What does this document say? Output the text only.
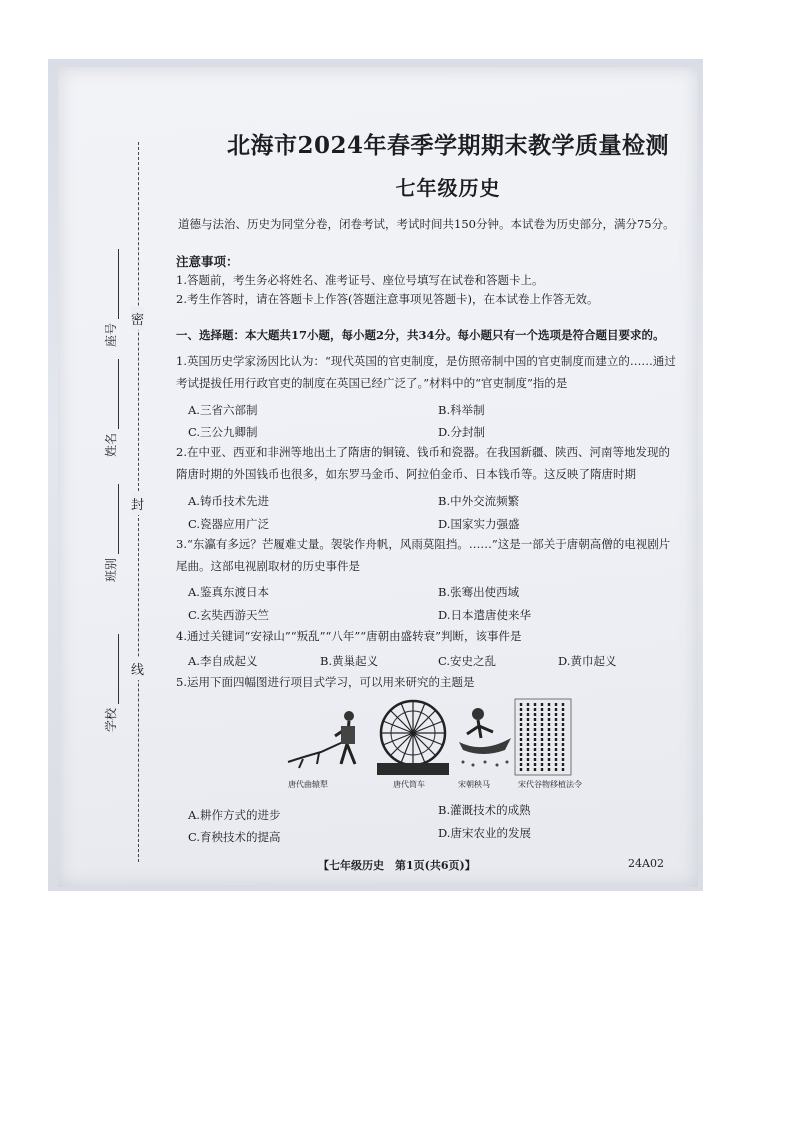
密
封
线
学校
班别
姓名
座号
北海市2024年春季学期期末教学质量检测
七年级历史
道德与法治、历史为同堂分卷，闭卷考试，考试时间共150分钟。本试卷为历史部分，满分75分。
注意事项：
1.答题前，考生务必将姓名、准考证号、座位号填写在试卷和答题卡上。
2.考生作答时，请在答题卡上作答(答题注意事项见答题卡)，在本试卷上作答无效。
一、选择题：本大题共17小题，每小题2分，共34分。每小题只有一个选项是符合题目要求的。
1.英国历史学家汤因比认为：“现代英国的官吏制度，是仿照帝制中国的官吏制度而建立的……通过考试提拔任用行政官吏的制度在英国已经广泛了。”材料中的“官吏制度”指的是
A.三省六部制	B.科举制
C.三公九卿制	D.分封制
2.在中亚、西亚和非洲等地出土了隋唐的铜镜、钱币和瓷器。在我国新疆、陕西、河南等地发现的隋唐时期的外国钱币也很多，如东罗马金币、阿拉伯金币、日本钱币等。这反映了隋唐时期
A.铸币技术先进	B.中外交流频繁
C.瓷器应用广泛	D.国家实力强盛
3.“东瀛有多远？芒履难丈量。袈裟作舟帆，风雨莫阻挡。……”这是一部关于唐朝高僧的电视剧片尾曲。这部电视剧取材的历史事件是
A.鉴真东渡日本	B.张骞出使西域
C.玄奘西游天竺	D.日本遣唐使来华
4.通过关键词“安禄山”“叛乱”“八年”“唐朝由盛转衰”判断，该事件是
A.李自成起义	B.黄巢起义	C.安史之乱	D.黄巾起义
5.运用下面四幅图进行项目式学习，可以用来研究的主题是
唐代曲辕犁	唐代筒车	宋朝秧马	宋代谷物移植法令
A.耕作方式的进步	B.灌溉技术的成熟
C.育秧技术的提高	D.唐宋农业的发展
【七年级历史　第1页(共6页)】	24A02
